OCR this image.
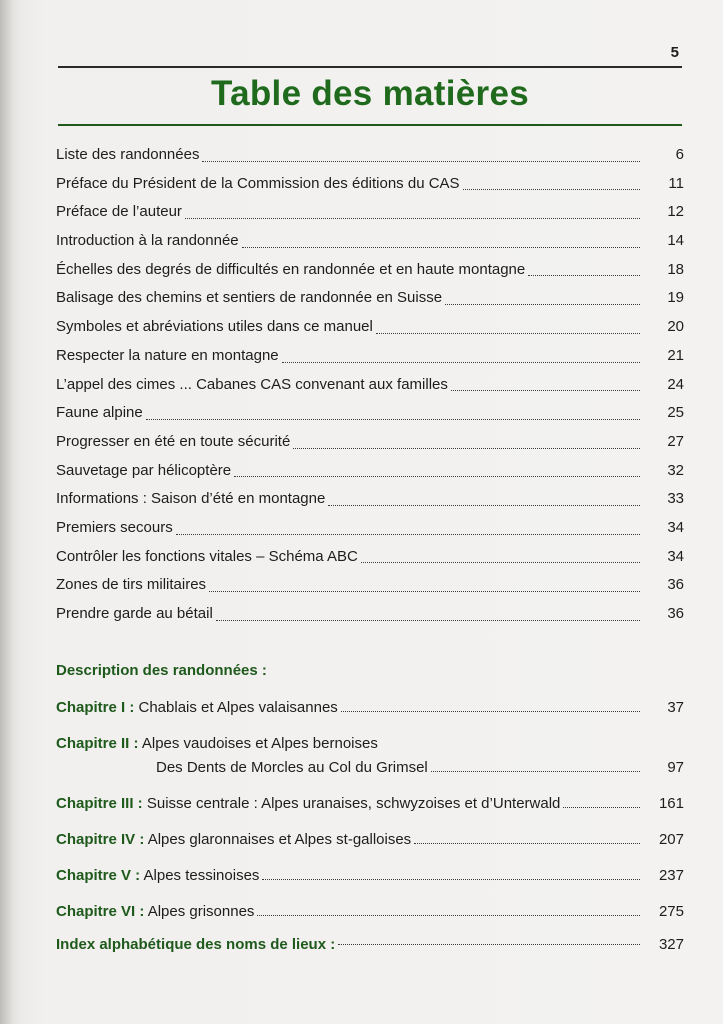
5
Table des matières
Liste des randonnées	6
Préface du Président de la Commission des éditions du CAS	11
Préface de l’auteur	12
Introduction à la randonnée	14
Échelles des degrés de difficultés en randonnée et en haute montagne	18
Balisage des chemins et sentiers de randonnée en Suisse	19
Symboles et abréviations utiles dans ce manuel	20
Respecter la nature en montagne	21
L’appel des cimes ... Cabanes CAS convenant aux familles	24
Faune alpine	25
Progresser en été en toute sécurité	27
Sauvetage par hélicoptère	32
Informations : Saison d’été en montagne	33
Premiers secours	34
Contrôler les fonctions vitales – Schéma ABC	34
Zones de tirs militaires	36
Prendre garde au bétail	36
Description des randonnées :
Chapitre I : Chablais et Alpes valaisannes	37
Chapitre II : Alpes vaudoises et Alpes bernoises
Des Dents de Morcles au Col du Grimsel	97
Chapitre III : Suisse centrale : Alpes uranaises, schwyzoises et d’Unterwald	161
Chapitre IV : Alpes glaronnaises et Alpes st-galloises	207
Chapitre V : Alpes tessinoises	237
Chapitre VI : Alpes grisonnes	275
Index alphabétique des noms de lieux :	327
